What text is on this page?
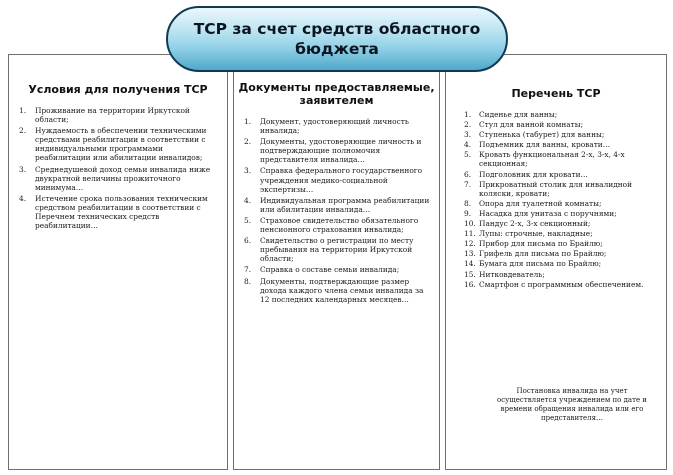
ТСР за счет средств областного бюджета
Условия для получения ТСР
1.	Проживание на территории Иркутской области;
2.	Нуждаемость в обеспечении техническими средствами реабилитации в соответствии с индивидуальными программами реабилитации или абилитации инвалидов;
3.	Среднедушевой доход семьи инвалида ниже двукратной величины прожиточного минимума…
4.	Истечение срока пользования техническим средством реабилитации в соответствии с Перечнем технических средств реабилитации…
Документы предоставляемые, заявителем
1.	Документ, удостоверяющий личность инвалида;
2.	Документы, удостоверяющие личность и подтверждающие полномочия представителя инвалида…
3.	Справка федерального государственного учреждения медико-социальной экспертизы…
4.	Индивидуальная программа реабилитации или абилитации инвалида…
5.	Страховое свидетельство обязательного пенсионного страхования инвалида;
6.	Свидетельство о регистрации по месту пребывания на территории Иркутской области;
7.	Справка о составе семьи инвалида;
8.	Документы, подтверждающие размер дохода каждого члена семьи инвалида за 12 последних календарных месяцев…
Перечень ТСР
1.	Сиденье для ванны;
2.	Стул для ванной комнаты;
3.	Ступенька (табурет) для ванны;
4.	Подъемник для ванны, кровати…
5.	Кровать функциональная 2-х, 3-х, 4-х секционная;
6.	Подголовник для кровати…
7.	Прикроватный столик для инвалидной коляски, кровати;
8.	Опора для туалетной комнаты;
9.	Насадка для унитаза с поручнями;
10. Пандус 2-х, 3-х секционный;
11. Лупы: строчные, накладные;
12. Прибор для письма по Брайлю;
13. Грифель для письма по Брайлю;
14. Бумага для письма по Брайлю;
15. Нитковдеватель;
16. Смартфон с программным обеспечением.
Постановка инвалида на учет осуществляется учреждением по дате и времени обращения инвалида или его представителя…
